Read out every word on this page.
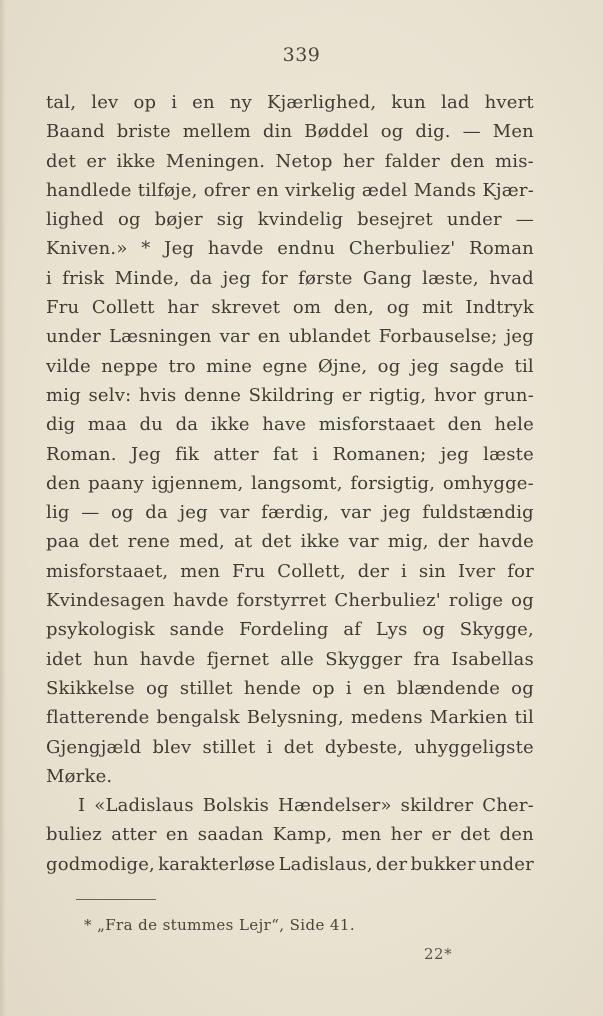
339
tal, lev op i en ny Kjærlighed, kun lad hvert
Baand briste mellem din Bøddel og dig. — Men
det er ikke Meningen. Netop her falder den mis-
handlede tilføje, ofrer en virkelig ædel Mands Kjær-
lighed og bøjer sig kvindelig besejret under —
Kniven.» * Jeg havde endnu Cherbuliez' Roman
i frisk Minde, da jeg for første Gang læste, hvad
Fru Collett har skrevet om den, og mit Indtryk
under Læsningen var en ublandet Forbauselse; jeg
vilde neppe tro mine egne Øjne, og jeg sagde til
mig selv: hvis denne Skildring er rigtig, hvor grun-
dig maa du da ikke have misforstaaet den hele
Roman. Jeg fik atter fat i Romanen; jeg læste
den paany igjennem, langsomt, forsigtig, omhygge-
lig — og da jeg var færdig, var jeg fuldstændig
paa det rene med, at det ikke var mig, der havde
misforstaaet, men Fru Collett, der i sin Iver for
Kvindesagen havde forstyrret Cherbuliez' rolige og
psykologisk sande Fordeling af Lys og Skygge,
idet hun havde fjernet alle Skygger fra Isabellas
Skikkelse og stillet hende op i en blændende og
flatterende bengalsk Belysning, medens Markien til
Gjengjæld blev stillet i det dybeste, uhyggeligste
Mørke.
I «Ladislaus Bolskis Hændelser» skildrer Cher-
buliez atter en saadan Kamp, men her er det den
godmodige, karakterløse Ladislaus, der bukker under
* „Fra de stummes Lejr“, Side 41.
22*
